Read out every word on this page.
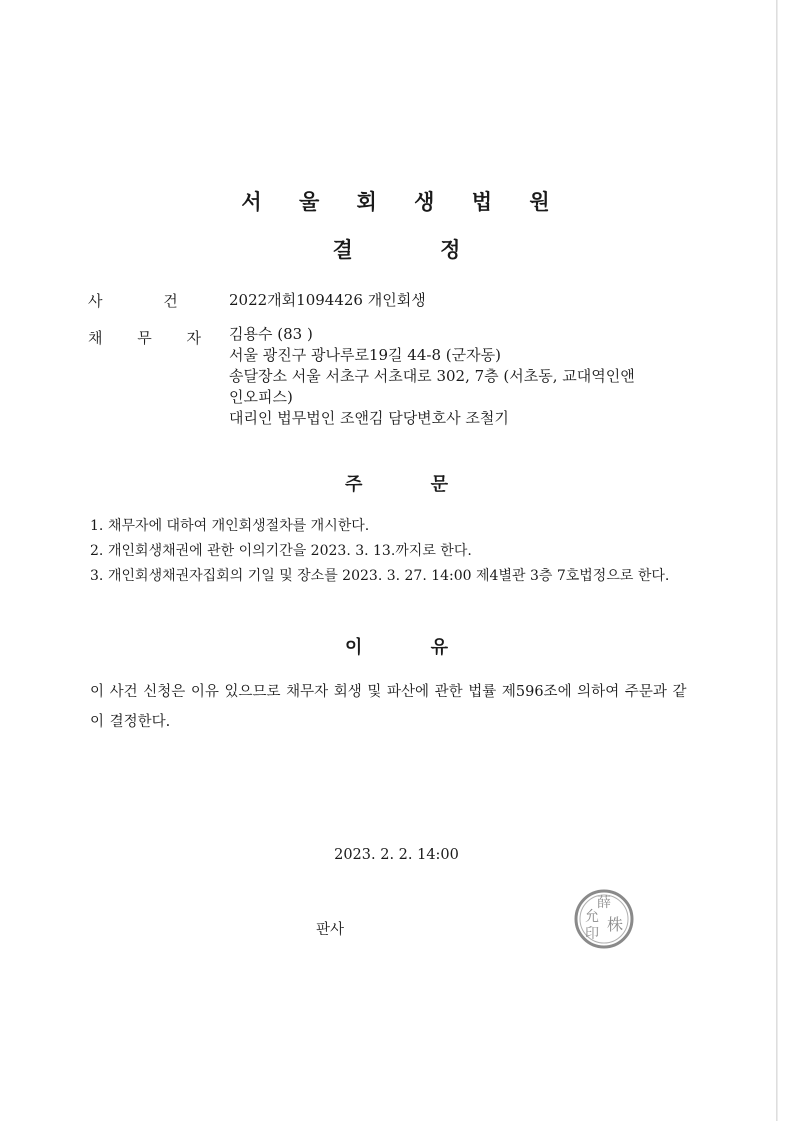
서 울 회 생 법 원
결 정
사 건	2022개회1094426 개인회생
채 무 자 김용수 (83 )
서울 광진구 광나루로19길 44-8 (군자동)
송달장소 서울 서초구 서초대로 302, 7층 (서초동, 교대역인앤
인오피스)
대리인 법무법인 조앤김 담당변호사 조철기
주 문
1. 채무자에 대하여 개인회생절차를 개시한다.
2. 개인회생채권에 관한 이의기간을 2023. 3. 13.까지로 한다.
3. 개인회생채권자집회의 기일 및 장소를 2023. 3. 27. 14:00 제4별관 3층 7호법정으로 한다.
이 유
이 사건 신청은 이유 있으므로 채무자 회생 및 파산에 관한 법률 제596조에 의하여 주문과 같이 결정한다.
2023. 2. 2. 14:00
판사
薛
允
印 株
